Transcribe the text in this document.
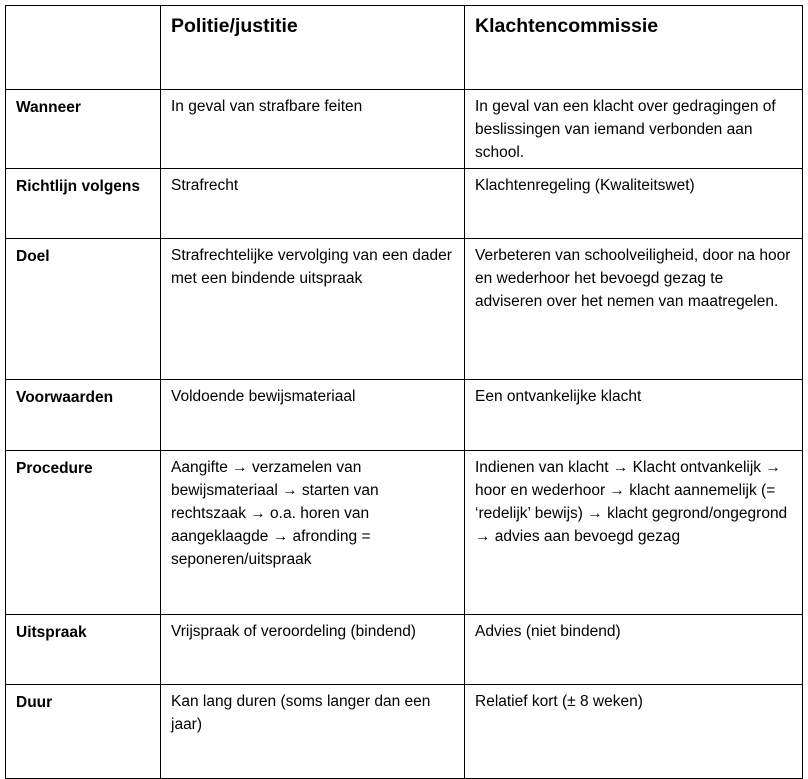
	Politie/justitie	Klachtencommissie
Wanneer	In geval van strafbare feiten	In geval van een klacht over gedragingen of beslissingen van iemand verbonden aan school.
Richtlijn volgens	Strafrecht	Klachtenregeling (Kwaliteitswet)
Doel	Strafrechtelijke vervolging van een dader met een bindende uitspraak	Verbeteren van schoolveiligheid, door na hoor en wederhoor het bevoegd gezag te adviseren over het nemen van maatregelen.
Voorwaarden	Voldoende bewijsmateriaal	Een ontvankelijke klacht
Procedure	Aangifte → verzamelen van bewijsmateriaal → starten van rechtszaak → o.a. horen van aangeklaagde → afronding = seponeren/uitspraak	Indienen van klacht → Klacht ontvankelijk → hoor en wederhoor → klacht aannemelijk (= ‘redelijk’ bewijs) → klacht gegrond/ongegrond → advies aan bevoegd gezag
Uitspraak	Vrijspraak of veroordeling (bindend)	Advies (niet bindend)
Duur	Kan lang duren (soms langer dan een jaar)	Relatief kort (± 8 weken)
